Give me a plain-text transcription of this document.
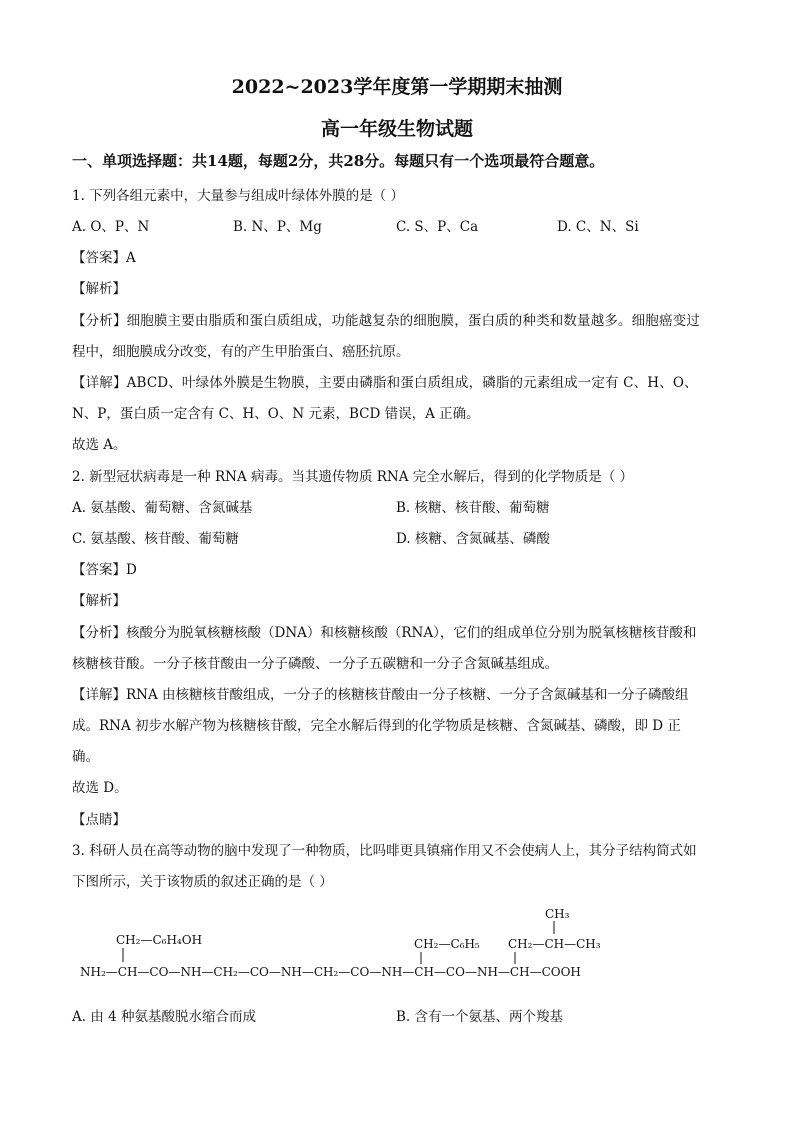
2022~2023学年度第一学期期末抽测
高一年级生物试题
一、单项选择题：共14题，每题2分，共28分。每题只有一个选项最符合题意。
1. 下列各组元素中，大量参与组成叶绿体外膜的是（ ）
A. O、P、N	B. N、P、Mg	C. S、P、Ca	D. C、N、Si
【答案】A
【解析】
【分析】细胞膜主要由脂质和蛋白质组成，功能越复杂的细胞膜，蛋白质的种类和数量越多。细胞癌变过
程中，细胞膜成分改变，有的产生甲胎蛋白、癌胚抗原。
【详解】ABCD、叶绿体外膜是生物膜，主要由磷脂和蛋白质组成，磷脂的元素组成一定有 C、H、O、
N、P，蛋白质一定含有 C、H、O、N 元素，BCD 错误，A 正确。
故选 A。
2. 新型冠状病毒是一种 RNA 病毒。当其遗传物质 RNA 完全水解后，得到的化学物质是（ ）
A. 氨基酸、葡萄糖、含氮碱基	B. 核糖、核苷酸、葡萄糖
C. 氨基酸、核苷酸、葡萄糖	D. 核糖、含氮碱基、磷酸
【答案】D
【解析】
【分析】核酸分为脱氧核糖核酸（DNA）和核糖核酸（RNA），它们的组成单位分别为脱氧核糖核苷酸和
核糖核苷酸。一分子核苷酸由一分子磷酸、一分子五碳糖和一分子含氮碱基组成。
【详解】RNA 由核糖核苷酸组成，一分子的核糖核苷酸由一分子核糖、一分子含氮碱基和一分子磷酸组
成。RNA 初步水解产物为核糖核苷酸，完全水解后得到的化学物质是核糖、含氮碱基、磷酸，即 D 正
确。
故选 D。
【点睛】
3. 科研人员在高等动物的脑中发现了一种物质，比吗啡更具镇痛作用又不会使病人上，其分子结构简式如
下图所示，关于该物质的叙述正确的是（ ）
CH₃
CH₂—C₆H₄OH	CH₂—C₆H₅ CH₂—CH—CH₃
NH₂—CH—CO—NH—CH₂—CO—NH—CH₂—CO—NH—CH—CO—NH—CH—COOH
A. 由 4 种氨基酸脱水缩合而成	B. 含有一个氨基、两个羧基
